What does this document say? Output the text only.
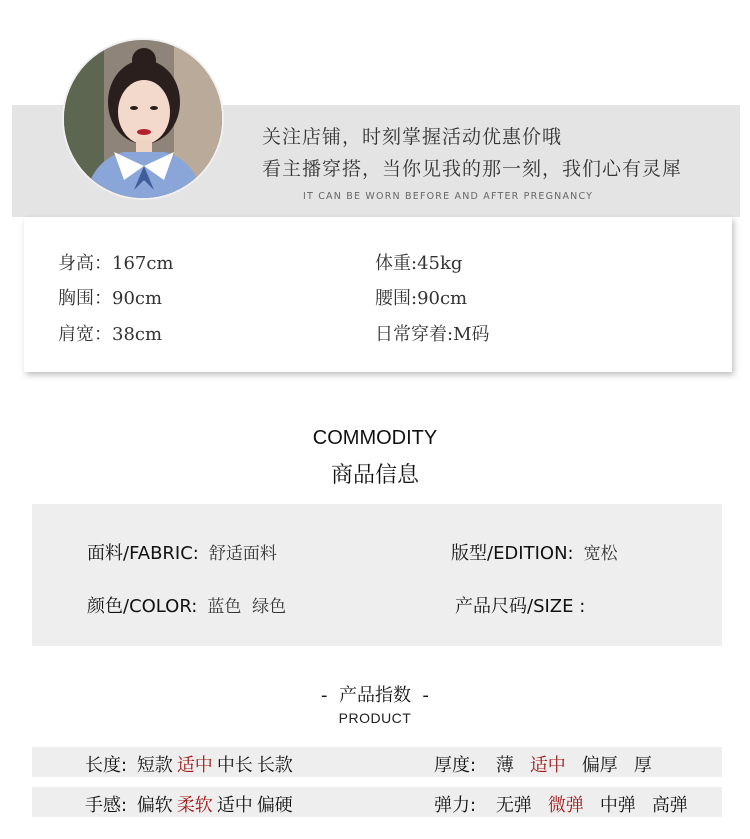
关注店铺，时刻掌握活动优惠价哦
看主播穿搭，当你见我的那一刻，我们心有灵犀
IT CAN BE WORN BEFORE AND AFTER PREGNANCY
身高：167cm	体重:45kg
胸围：90cm	腰围:90cm
肩宽：38cm	日常穿着:M码
COMMODITY
商品信息
面料/FABRIC: 舒适面料	版型/EDITION: 宽松
颜色/COLOR: 蓝色  绿色	产品尺码/SIZE :
-  产品指数  -
PRODUCT
长度: 短款 适中 中长 长款	厚度: 薄 适中 偏厚 厚
手感: 偏软 柔软 适中 偏硬	弹力: 无弹 微弹 中弹 高弹
